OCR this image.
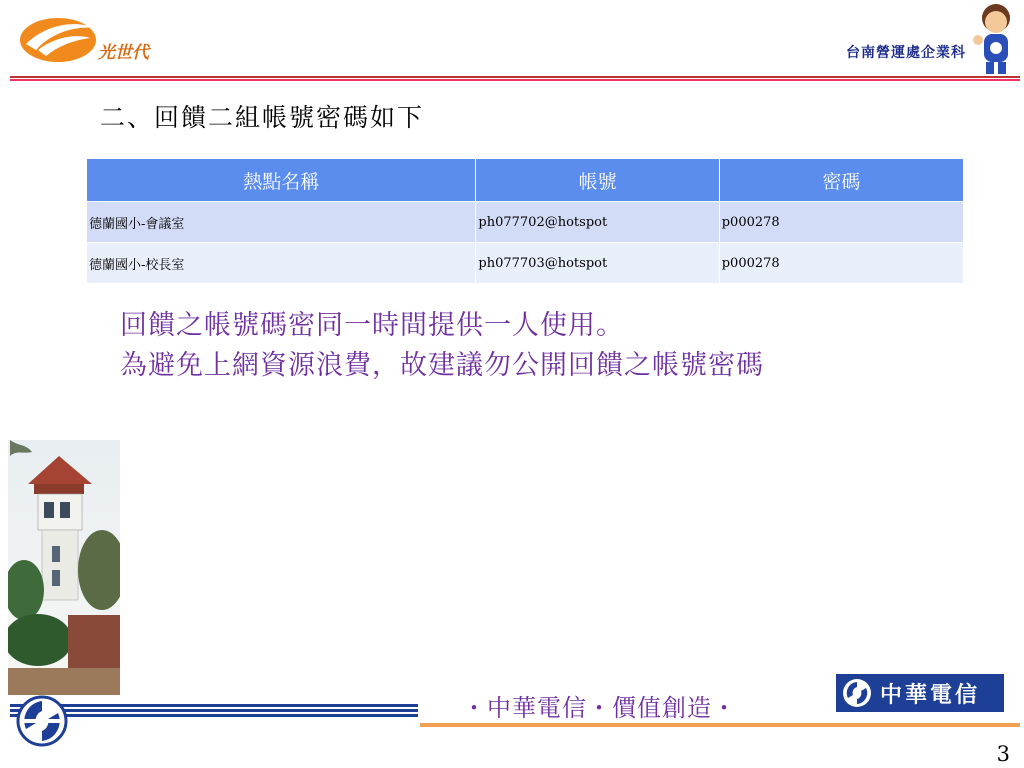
光世代	台南營運處企業科
二、回饋二組帳號密碼如下
熱點名稱	帳號	密碼
德蘭國小-會議室	ph077702@hotspot	p000278
德蘭國小-校長室	ph077703@hotspot	p000278
回饋之帳號碼密同一時間提供一人使用。
為避免上網資源浪費，故建議勿公開回饋之帳號密碼
・中華電信・價值創造・	中華電信
3
